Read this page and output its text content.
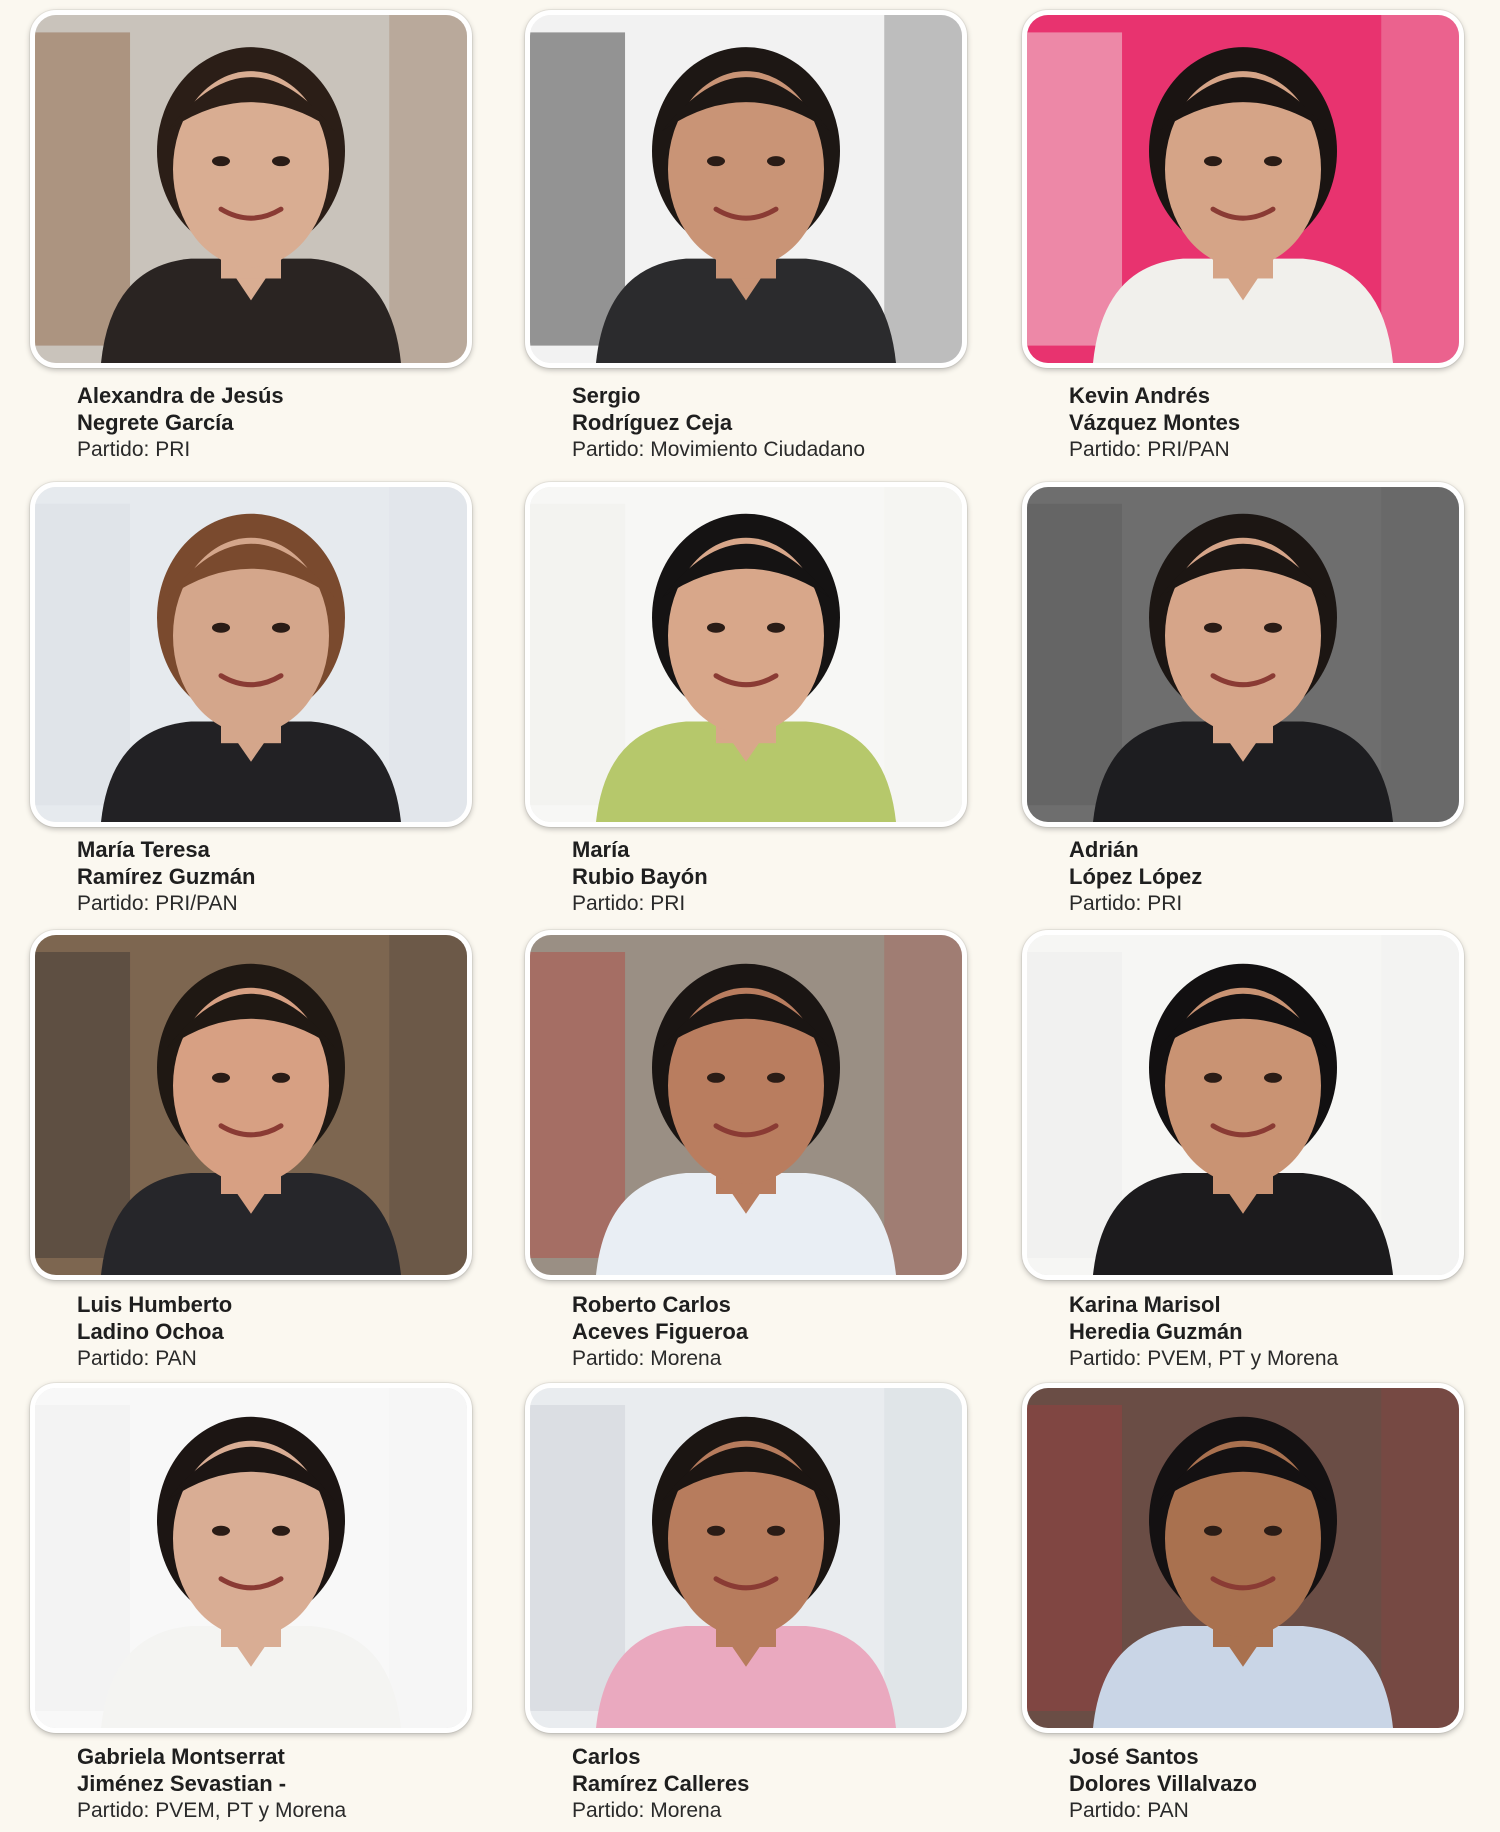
Alexandra de Jesús
Negrete García
Partido: PRI
Sergio
Rodríguez Ceja
Partido: Movimiento Ciudadano
Kevin Andrés
Vázquez Montes
Partido: PRI/PAN
María Teresa
Ramírez Guzmán
Partido: PRI/PAN
María
Rubio Bayón
Partido: PRI
Adrián
López López
Partido: PRI
Luis Humberto
Ladino Ochoa
Partido: PAN
Roberto Carlos
Aceves Figueroa
Partido: Morena
Karina Marisol
Heredia Guzmán
Partido: PVEM, PT y Morena
Gabriela Montserrat
Jiménez Sevastian -
Partido: PVEM, PT y Morena
Carlos
Ramírez Calleres
Partido: Morena
José Santos
Dolores Villalvazo
Partido: PAN
